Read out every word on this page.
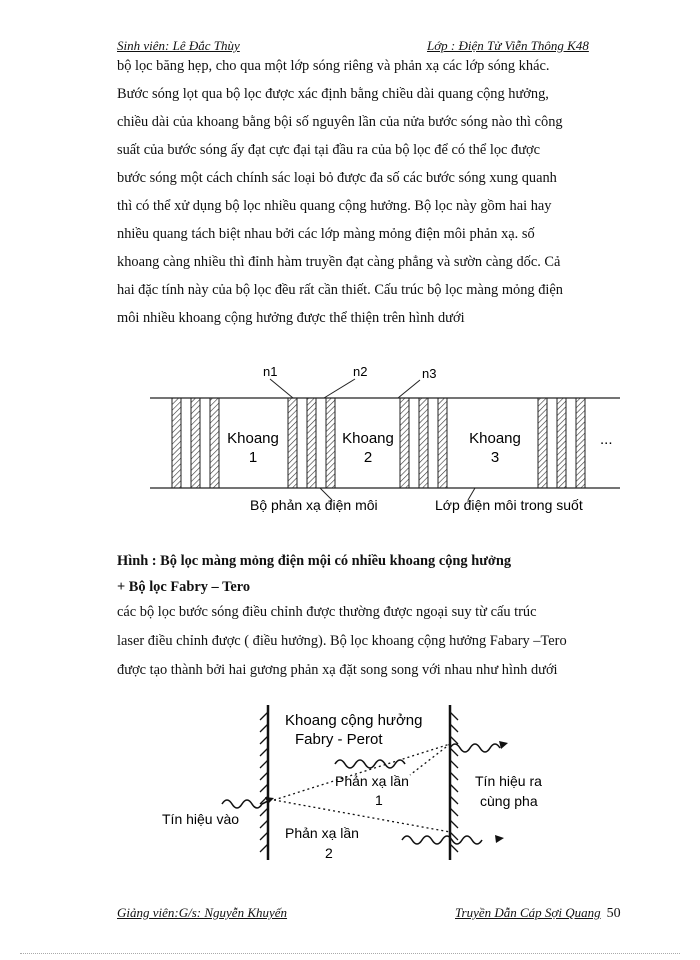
Sinh viên: Lê Đắc Thùy	Lớp : Điện Tử Viễn Thông K48
bộ lọc băng hẹp, cho qua một lớp sóng riêng và phản xạ các lớp sóng khác.
Bước sóng lọt qua bộ lọc được xác định bằng chiều dài quang cộng hưởng,
chiều dài của khoang bằng bội số nguyên lần của nửa bước sóng nào thì công
suất của bước sóng ấy đạt cực đại tại đầu ra của bộ lọc để có thể lọc được
bước sóng một cách chính sác loại bỏ được đa số các bước sóng xung quanh
thì có thể xử dụng bộ lọc nhiều quang cộng hưởng. Bộ lọc này gồm hai hay
nhiều quang tách biệt nhau bởi các lớp màng mỏng điện môi phản xạ. số
khoang càng nhiều thì đỉnh hàm truyền đạt càng phẳng và sườn càng dốc. Cả
hai đặc tính này của bộ lọc đều rất cần thiết. Cấu trúc bộ lọc màng mỏng điện
môi nhiều khoang cộng hưởng được thể thiện trên hình dưới
n1	n2	n3
Khoang
1
Khoang
2
Khoang
3
...
Bộ phản xạ điện môi	Lớp điện môi trong suốt
Hình : Bộ lọc màng mỏng điện mội có nhiều khoang cộng hưởng
+ Bộ lọc Fabry – Tero
các bộ lọc bước sóng điều chỉnh được thường được ngoại suy từ cấu trúc
laser điều chỉnh được ( điều hưởng). Bộ lọc khoang cộng hưởng Fabary –Tero
được tạo thành bởi hai gương phản xạ đặt song song với nhau như hình dưới
Khoang cộng hưởng
Fabry - Perot
Tín hiệu vào
Phản xạ lần
1
Phản xạ lần
2
Tín hiệu ra
cùng pha
Giảng viên:G/s: Nguyễn Khuyến	Truyền Dẫn Cáp Sợi Quang 50
